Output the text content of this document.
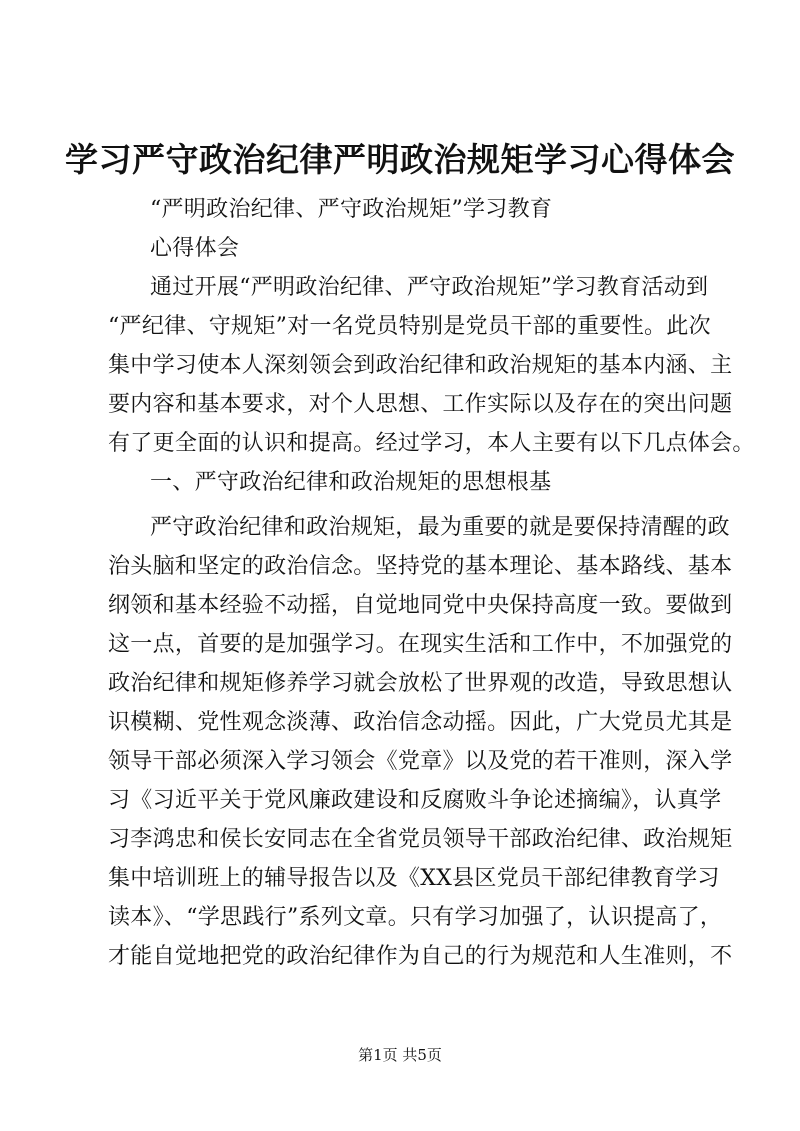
学习严守政治纪律严明政治规矩学习心得体会
“严明政治纪律、严守政治规矩”学习教育
心得体会
通过开展“严明政治纪律、严守政治规矩”学习教育活动到
“严纪律、守规矩”对一名党员特别是党员干部的重要性。此次
集中学习使本人深刻领会到政治纪律和政治规矩的基本内涵、主
要内容和基本要求，对个人思想、工作实际以及存在的突出问题
有了更全面的认识和提高。经过学习，本人主要有以下几点体会。
一、严守政治纪律和政治规矩的思想根基
严守政治纪律和政治规矩，最为重要的就是要保持清醒的政
治头脑和坚定的政治信念。坚持党的基本理论、基本路线、基本
纲领和基本经验不动摇，自觉地同党中央保持高度一致。要做到
这一点，首要的是加强学习。在现实生活和工作中，不加强党的
政治纪律和规矩修养学习就会放松了世界观的改造，导致思想认
识模糊、党性观念淡薄、政治信念动摇。因此，广大党员尤其是
领导干部必须深入学习领会《党章》以及党的若干准则，深入学
习《习近平关于党风廉政建设和反腐败斗争论述摘编》，认真学
习李鸿忠和侯长安同志在全省党员领导干部政治纪律、政治规矩
集中培训班上的辅导报告以及《XX县区党员干部纪律教育学习
读本》、“学思践行”系列文章。只有学习加强了，认识提高了，
才能自觉地把党的政治纪律作为自己的行为规范和人生准则，不
第1页 共5页
